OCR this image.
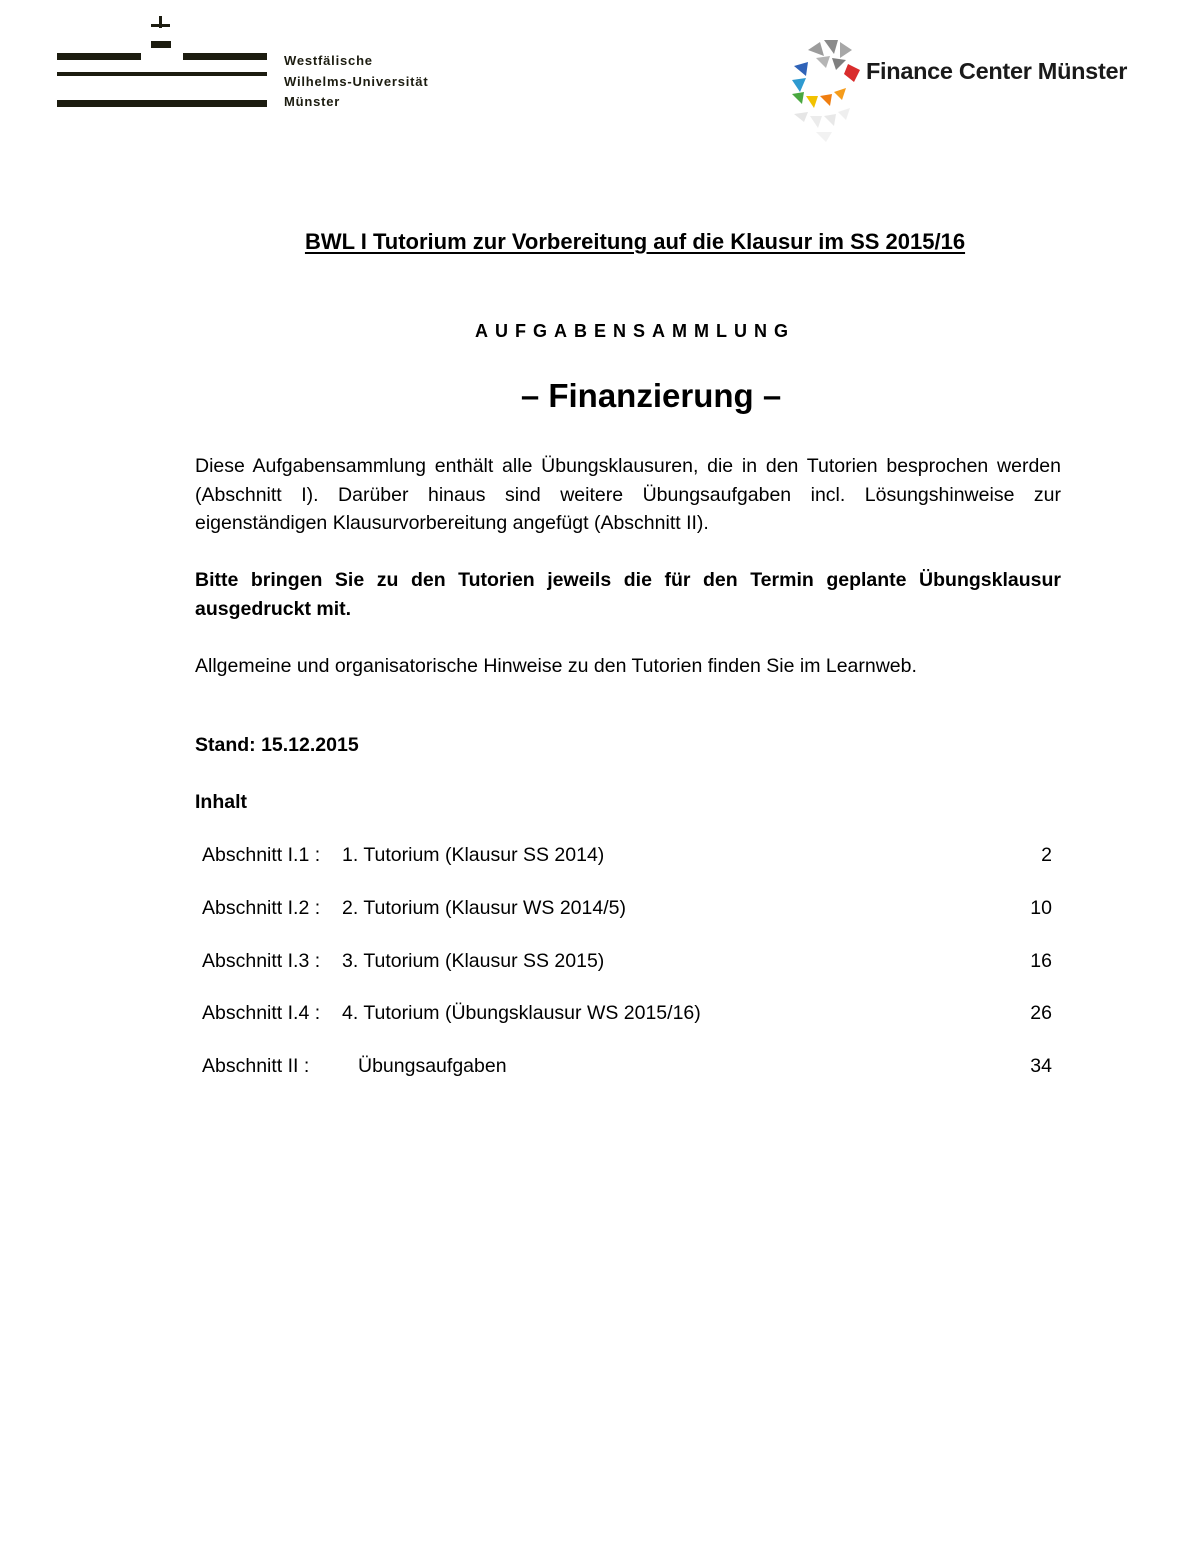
Westfälische
Wilhelms-Universität
Münster
Finance Center Münster
BWL I Tutorium zur Vorbereitung auf die Klausur im SS 2015/16
AUFGABENSAMMLUNG
– Finanzierung –

Diese Aufgabensammlung enthält alle Übungsklausuren, die in den Tutorien besprochen werden (Abschnitt I). Darüber hinaus sind weitere Übungsaufgaben incl. Lösungshinweise zur eigenständigen Klausurvorbereitung angefügt (Abschnitt II).

Bitte bringen Sie zu den Tutorien jeweils die für den Termin geplante Übungsklausur ausgedruckt mit.

Allgemeine und organisatorische Hinweise zu den Tutorien finden Sie im Learnweb.

Stand: 15.12.2015
Inhalt
Abschnitt I.1 : 1. Tutorium (Klausur SS 2014)	2
Abschnitt I.2 : 2. Tutorium (Klausur WS 2014/5)	10
Abschnitt I.3 : 3. Tutorium (Klausur SS 2015)	16
Abschnitt I.4 : 4. Tutorium (Übungsklausur WS 2015/16)	26
Abschnitt II : Übungsaufgaben	34
